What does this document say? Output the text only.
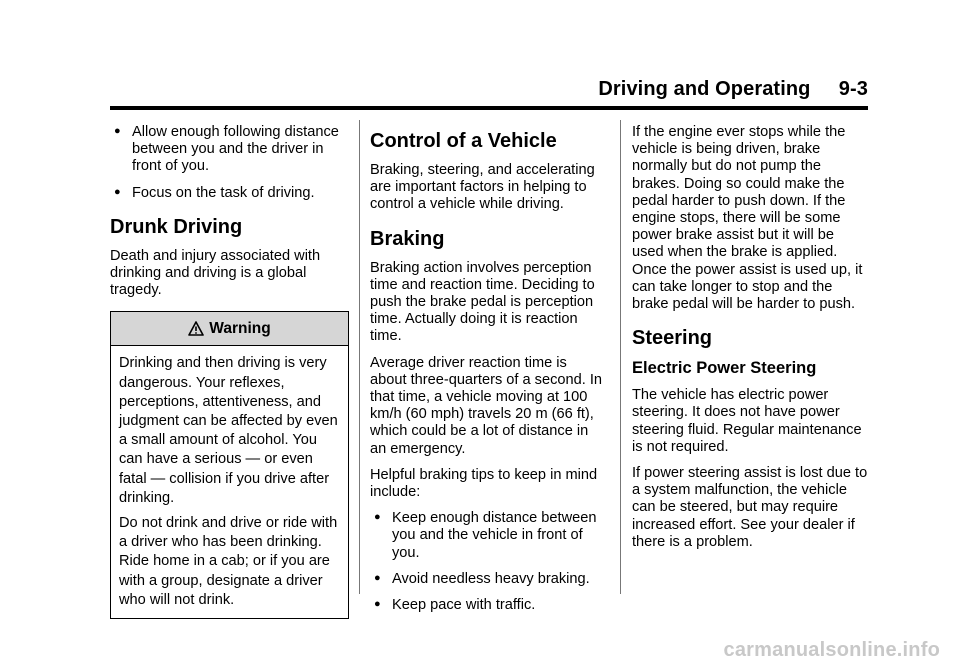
Driving and Operating 9-3
● Allow enough following distance between you and the driver in front of you.
● Focus on the task of driving.
Drunk Driving

Death and injury associated with drinking and driving is a global tragedy.

Warning

Drinking and then driving is very dangerous. Your reflexes, perceptions, attentiveness, and judgment can be affected by even a small amount of alcohol. You can have a serious — or even fatal — collision if you drive after drinking.

Do not drink and drive or ride with a driver who has been drinking. Ride home in a cab; or if you are with a group, designate a driver who will not drink.

Control of a Vehicle

Braking, steering, and accelerating are important factors in helping to control a vehicle while driving.

Braking

Braking action involves perception time and reaction time. Deciding to push the brake pedal is perception time. Actually doing it is reaction time.

Average driver reaction time is about three-quarters of a second. In that time, a vehicle moving at 100 km/h (60 mph) travels 20 m (66 ft), which could be a lot of distance in an emergency.

Helpful braking tips to keep in mind include:

● Keep enough distance between you and the vehicle in front of you.
● Avoid needless heavy braking.
● Keep pace with traffic.

If the engine ever stops while the vehicle is being driven, brake normally but do not pump the brakes. Doing so could make the pedal harder to push down. If the engine stops, there will be some power brake assist but it will be used when the brake is applied. Once the power assist is used up, it can take longer to stop and the brake pedal will be harder to push.

Steering
Electric Power Steering

The vehicle has electric power steering. It does not have power steering fluid. Regular maintenance is not required.

If power steering assist is lost due to a system malfunction, the vehicle can be steered, but may require increased effort. See your dealer if there is a problem.

carmanualsonline.info
